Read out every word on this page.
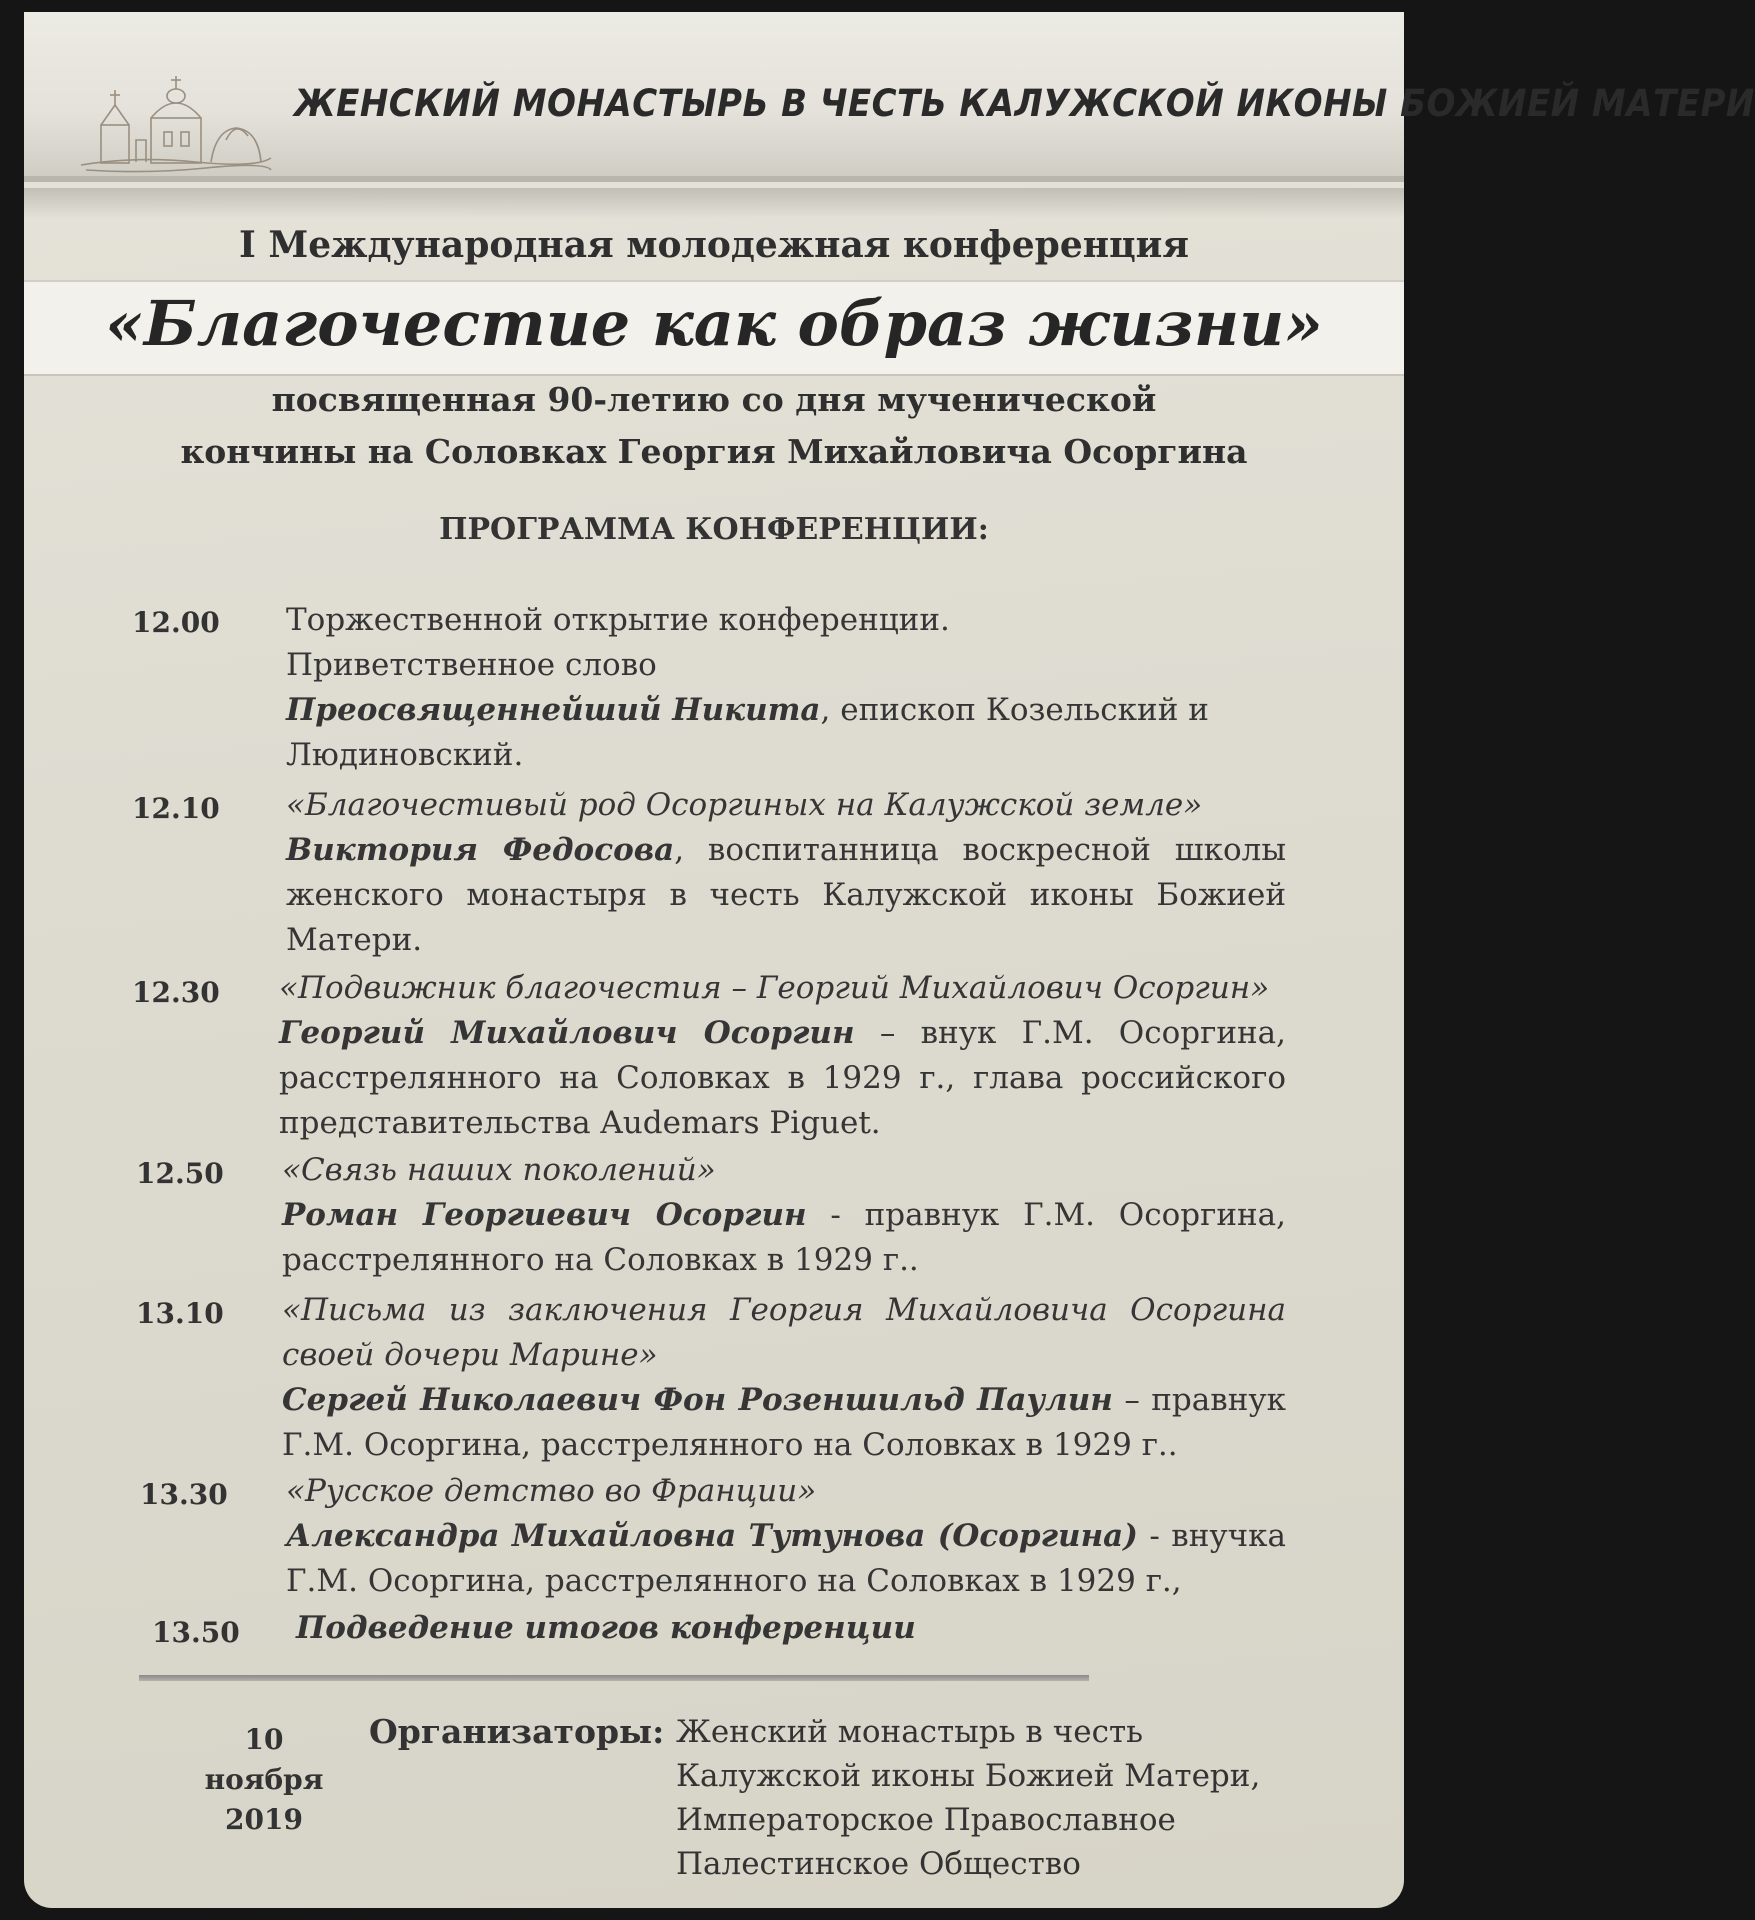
ЖЕНСКИЙ МОНАСТЫРЬ В ЧЕСТЬ КАЛУЖСКОЙ ИКОНЫ БОЖИЕЙ МАТЕРИ
I Международная молодежная конференция
«Благочестие как образ жизни»
посвященная 90-летию со дня мученической
кончины на Соловках Георгия Михайловича Осоргина
ПРОГРАММА КОНФЕРЕНЦИИ:
12.00 Торжественной открытие конференции.
Приветственное слово
Преосвященнейший Никита, епископ Козельский и
Людиновский.
12.10 «Благочестивый род Осоргиных на Калужской земле»
Виктория Федосова, воспитанница воскресной школы
женского монастыря в честь Калужской иконы Божией
Матери.
12.30 «Подвижник благочестия – Георгий Михайлович Осоргин»
Георгий Михайлович Осоргин – внук Г.М. Осоргина,
расстрелянного на Соловках в 1929 г., глава российского
представительства Audemars Piguet.
12.50 «Связь наших поколений»
Роман Георгиевич Осоргин - правнук Г.М. Осоргина,
расстрелянного на Соловках в 1929 г..
13.10 «Письма из заключения Георгия Михайловича Осоргина
своей дочери Марине»
Сергей Николаевич Фон Розеншильд Паулин – правнук
Г.М. Осоргина, расстрелянного на Соловках в 1929 г..
13.30 «Русское детство во Франции»
Александра Михайловна Тутунова (Осоргина) - внучка
Г.М. Осоргина, расстрелянного на Соловках в 1929 г.,
13.50 Подведение итогов конференции
10
ноября
2019
Организаторы: Женский монастырь в честь
Калужской иконы Божией Матери,
Императорское Православное
Палестинское Общество
